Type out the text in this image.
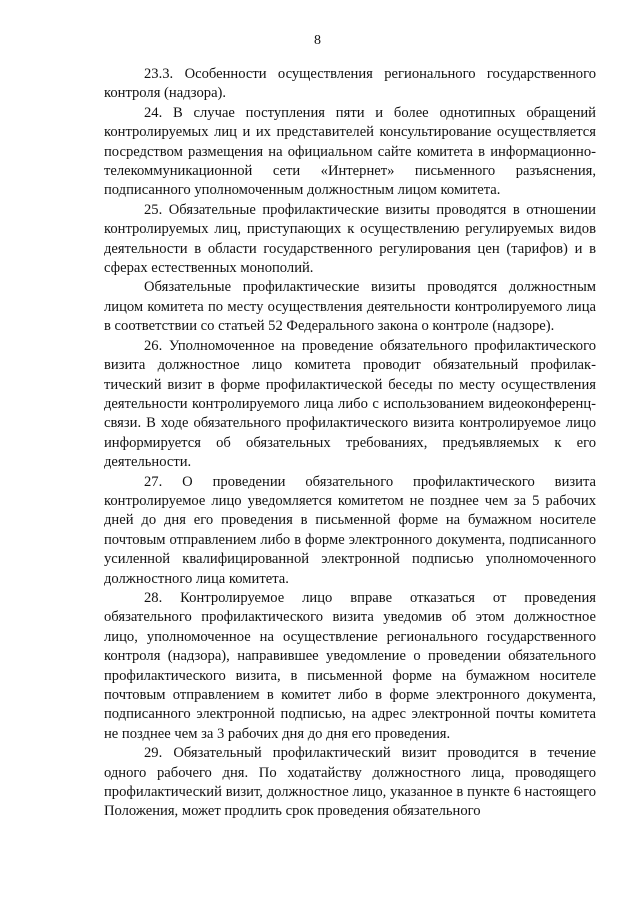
8

23.3. Особенности осуществления регионального государственного контроля (надзора).

24. В случае поступления пяти и более однотипных обращений контролируемых лиц и их представителей консультирование осуществляется посредством размещения на официальном сайте комитета в информационно-телекоммуникационной сети «Интернет» письменного разъяснения, подписанного уполномоченным должностным лицом комитета.

25. Обязательные профилактические визиты проводятся в отношении контролируемых лиц, приступающих к осуществлению регулируемых видов деятельности в области государственного регулирования цен (тарифов) и в сферах естественных монополий.

Обязательные профилактические визиты проводятся должностным лицом комитета по месту осуществления деятельности контролируемого лица в соответствии со статьей 52 Федерального закона о контроле (надзоре).

26. Уполномоченное на проведение обязательного профилактического визита должностное лицо комитета проводит обязательный профилактический визит в форме профилактической беседы по месту осуществления деятельности контролируемого лица либо с использованием видеоконференц-связи. В ходе обязательного профилактического визита контролируемое лицо информируется об обязательных требованиях, предъявляемых к его деятельности.

27. О проведении обязательного профилактического визита контролируемое лицо уведомляется комитетом не позднее чем за 5 рабочих дней до дня его проведения в письменной форме на бумажном носителе почтовым отправлением либо в форме электронного документа, подписанного усиленной квалифицированной электронной подписью уполномоченного должностного лица комитета.

28. Контролируемое лицо вправе отказаться от проведения обязательного профилактического визита уведомив об этом должностное лицо, уполномоченное на осуществление регионального государственного контроля (надзора), направившее уведомление о проведении обязательного профилактического визита, в письменной форме на бумажном носителе почтовым отправлением в комитет либо в форме электронного документа, подписанного электронной подписью, на адрес электронной почты комитета не позднее чем за 3 рабочих дня до дня его проведения.

29. Обязательный профилактический визит проводится в течение одного рабочего дня. По ходатайству должностного лица, проводящего профилактический визит, должностное лицо, указанное в пункте 6 настоящего Положения, может продлить срок проведения обязательного
